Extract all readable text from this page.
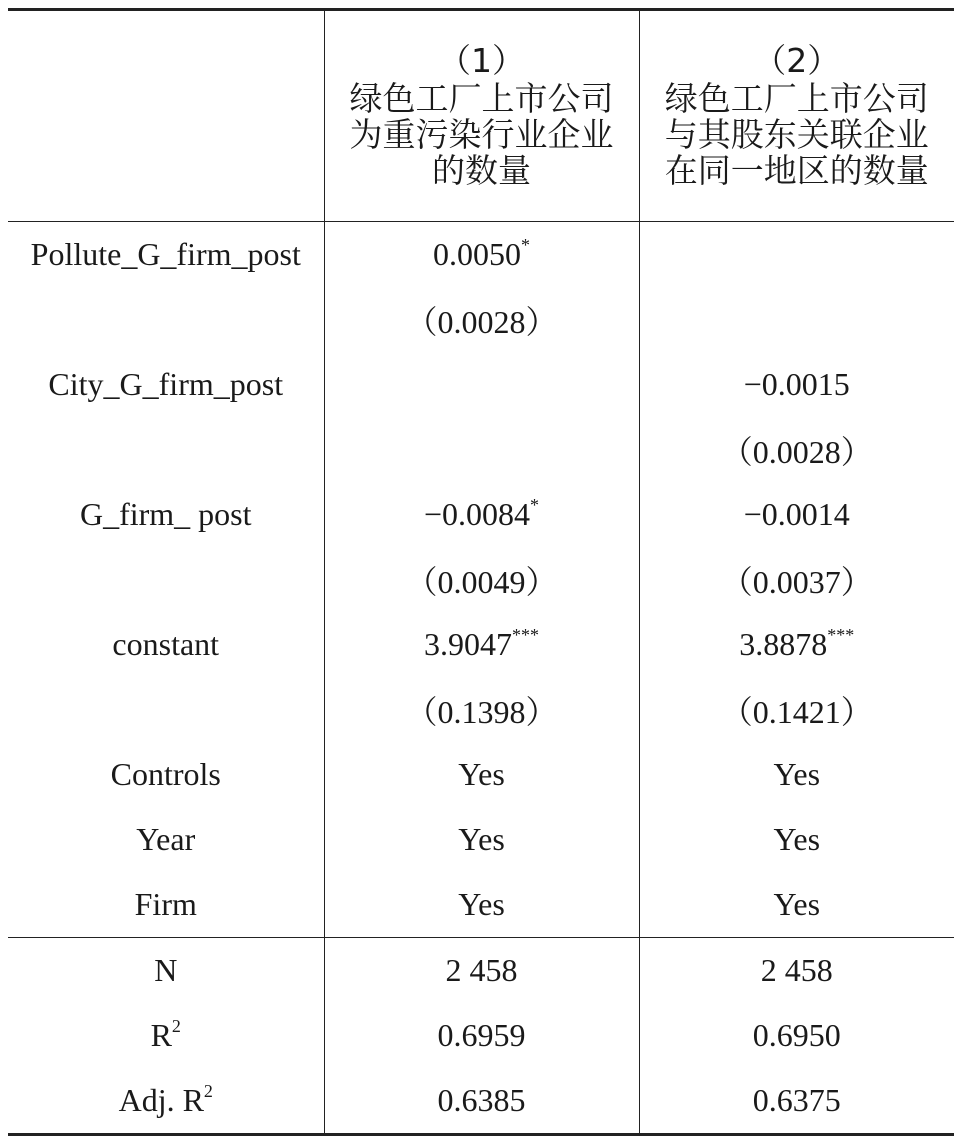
	（1）
绿色工厂上市公司
为重污染行业企业
的数量	（2）
绿色工厂上市公司
与其股东关联企业
在同一地区的数量

Pollute_G_firm_post	0.0050*	
	（0.0028）	
City_G_firm_post		−0.0015
		（0.0028）
G_firm_ post	−0.0084*	−0.0014
	（0.0049）	（0.0037）
constant	3.9047***	3.8878***
	（0.1398）	（0.1421）
Controls	Yes	Yes
Year	Yes	Yes
Firm	Yes	Yes
N	2 458	2 458
$R^2$	0.6959	0.6950
Adj. $R^2$	0.6385	0.6375
